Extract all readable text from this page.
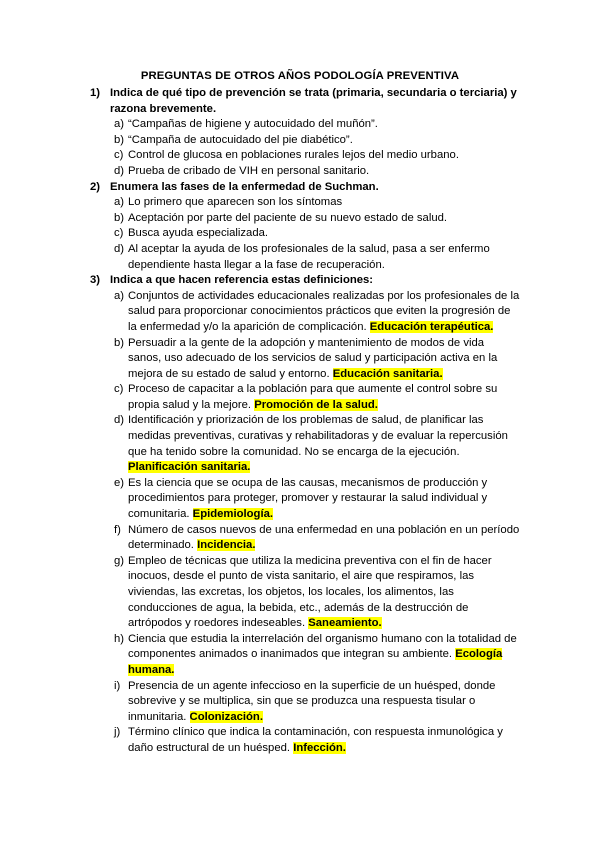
PREGUNTAS DE OTROS AÑOS PODOLOGÍA PREVENTIVA
1) Indica de qué tipo de prevención se trata (primaria, secundaria o terciaria) y razona brevemente.
a) “Campañas de higiene y autocuidado del muñón”.
b) “Campaña de autocuidado del pie diabético”.
c) Control de glucosa en poblaciones rurales lejos del medio urbano.
d) Prueba de cribado de VIH en personal sanitario.
2) Enumera las fases de la enfermedad de Suchman.
a) Lo primero que aparecen son los síntomas
b) Aceptación por parte del paciente de su nuevo estado de salud.
c) Busca ayuda especializada.
d) Al aceptar la ayuda de los profesionales de la salud, pasa a ser enfermo dependiente hasta llegar a la fase de recuperación.
3) Indica a que hacen referencia estas definiciones:
a) Conjuntos de actividades educacionales realizadas por los profesionales de la salud para proporcionar conocimientos prácticos que eviten la progresión de la enfermedad y/o la aparición de complicación. Educación terapéutica.
b) Persuadir a la gente de la adopción y mantenimiento de modos de vida sanos, uso adecuado de los servicios de salud y participación activa en la mejora de su estado de salud y entorno. Educación sanitaria.
c) Proceso de capacitar a la población para que aumente el control sobre su propia salud y la mejore. Promoción de la salud.
d) Identificación y priorización de los problemas de salud, de planificar las medidas preventivas, curativas y rehabilitadoras y de evaluar la repercusión que ha tenido sobre la comunidad. No se encarga de la ejecución. Planificación sanitaria.
e) Es la ciencia que se ocupa de las causas, mecanismos de producción y procedimientos para proteger, promover y restaurar la salud individual y comunitaria. Epidemiología.
f) Número de casos nuevos de una enfermedad en una población en un período determinado. Incidencia.
g) Empleo de técnicas que utiliza la medicina preventiva con el fin de hacer inocuos, desde el punto de vista sanitario, el aire que respiramos, las viviendas, las excretas, los objetos, los locales, los alimentos, las conducciones de agua, la bebida, etc., además de la destrucción de artrópodos y roedores indeseables. Saneamiento.
h) Ciencia que estudia la interrelación del organismo humano con la totalidad de componentes animados o inanimados que integran su ambiente. Ecología humana.
i) Presencia de un agente infeccioso en la superficie de un huésped, donde sobrevive y se multiplica, sin que se produzca una respuesta tisular o inmunitaria. Colonización.
j) Término clínico que indica la contaminación, con respuesta inmunológica y daño estructural de un huésped. Infección.
